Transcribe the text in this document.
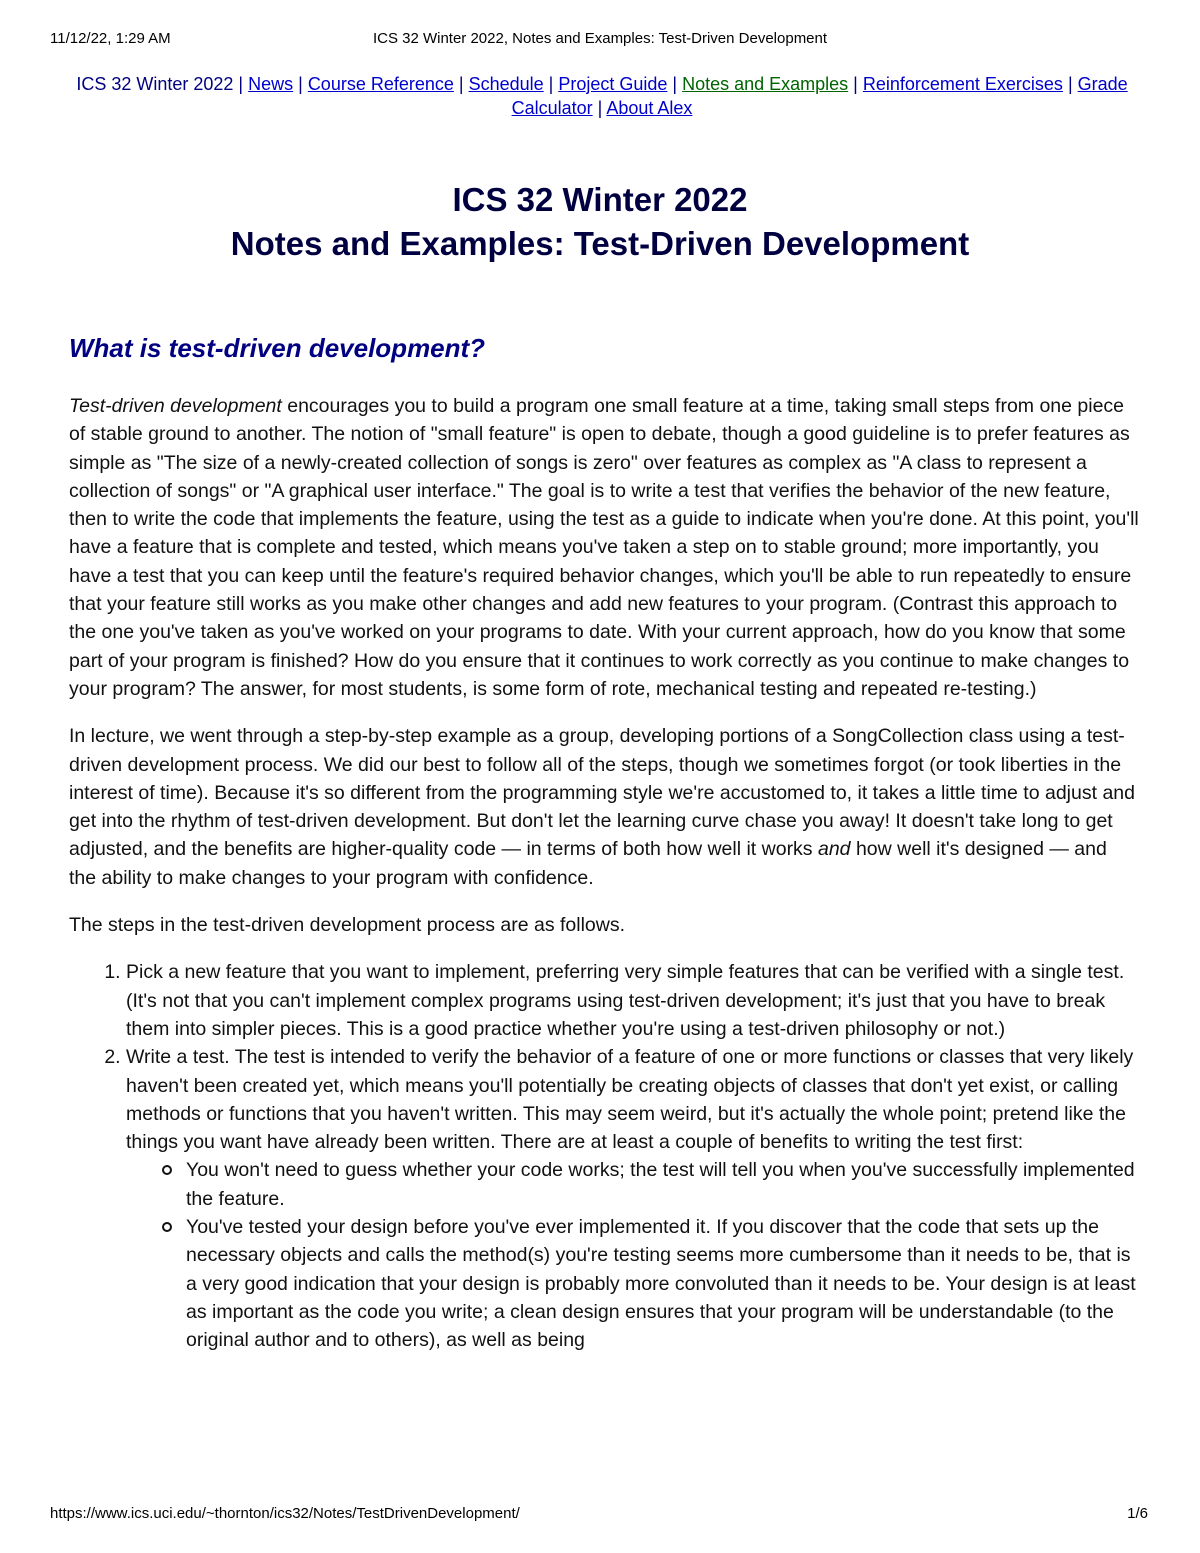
11/12/22, 1:29 AM	ICS 32 Winter 2022, Notes and Examples: Test-Driven Development
ICS 32 Winter 2022 | News | Course Reference | Schedule | Project Guide | Notes and Examples | Reinforcement Exercises | Grade Calculator | About Alex
ICS 32 Winter 2022
Notes and Examples: Test-Driven Development
What is test-driven development?

Test-driven development encourages you to build a program one small feature at a time, taking small steps from one piece of stable ground to another. The notion of "small feature" is open to debate, though a good guideline is to prefer features as simple as "The size of a newly-created collection of songs is zero" over features as complex as "A class to represent a collection of songs" or "A graphical user interface." The goal is to write a test that verifies the behavior of the new feature, then to write the code that implements the feature, using the test as a guide to indicate when you're done. At this point, you'll have a feature that is complete and tested, which means you've taken a step on to stable ground; more importantly, you have a test that you can keep until the feature's required behavior changes, which you'll be able to run repeatedly to ensure that your feature still works as you make other changes and add new features to your program. (Contrast this approach to the one you've taken as you've worked on your programs to date. With your current approach, how do you know that some part of your program is finished? How do you ensure that it continues to work correctly as you continue to make changes to your program? The answer, for most students, is some form of rote, mechanical testing and repeated re-testing.)

In lecture, we went through a step-by-step example as a group, developing portions of a SongCollection class using a test-driven development process. We did our best to follow all of the steps, though we sometimes forgot (or took liberties in the interest of time). Because it's so different from the programming style we're accustomed to, it takes a little time to adjust and get into the rhythm of test-driven development. But don't let the learning curve chase you away! It doesn't take long to get adjusted, and the benefits are higher-quality code — in terms of both how well it works and how well it's designed — and the ability to make changes to your program with confidence.

The steps in the test-driven development process are as follows.

1. Pick a new feature that you want to implement, preferring very simple features that can be verified with a single test. (It's not that you can't implement complex programs using test-driven development; it's just that you have to break them into simpler pieces. This is a good practice whether you're using a test-driven philosophy or not.)
2. Write a test. The test is intended to verify the behavior of a feature of one or more functions or classes that very likely haven't been created yet, which means you'll potentially be creating objects of classes that don't yet exist, or calling methods or functions that you haven't written. This may seem weird, but it's actually the whole point; pretend like the things you want have already been written. There are at least a couple of benefits to writing the test first:
You won't need to guess whether your code works; the test will tell you when you've successfully implemented the feature.
You've tested your design before you've ever implemented it. If you discover that the code that sets up the necessary objects and calls the method(s) you're testing seems more cumbersome than it needs to be, that is a very good indication that your design is probably more convoluted than it needs to be. Your design is at least as important as the code you write; a clean design ensures that your program will be understandable (to the original author and to others), as well as being
https://www.ics.uci.edu/~thornton/ics32/Notes/TestDrivenDevelopment/	1/6
